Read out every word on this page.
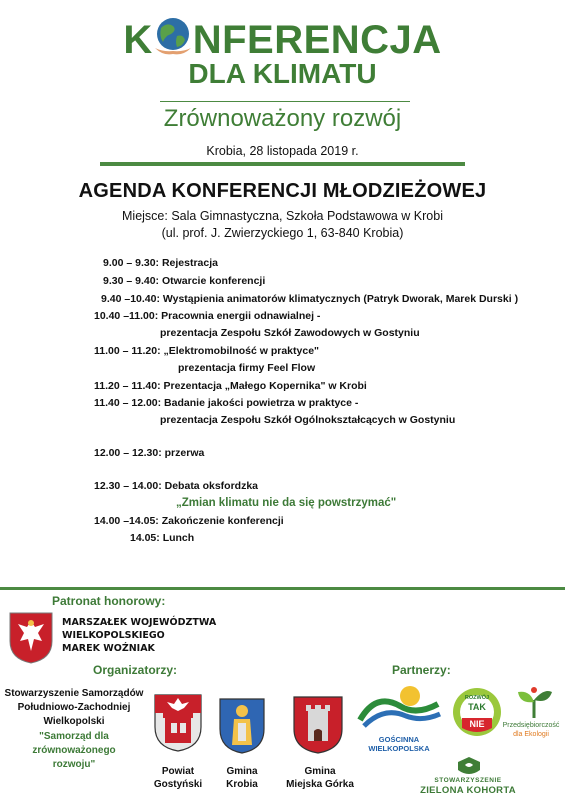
K NFERENCJA
DLA KLIMATU
Zrównoważony rozwój
Krobia, 28 listopada 2019 r.
AGENDA KONFERENCJI MŁODZIEŻOWEJ
Miejsce: Sala Gimnastyczna, Szkoła Podstawowa w Krobi
(ul. prof. J. Zwierzyckiego 1, 63-840 Krobia)
9.00 – 9.30: Rejestracja
9.30 – 9.40: Otwarcie konferencji
9.40 –10.40: Wystąpienia animatorów klimatycznych (Patryk Dworak, Marek Durski )
10.40 –11.00: Pracownia energii odnawialnej -
prezentacja Zespołu Szkół Zawodowych w Gostyniu
11.00 – 11.20: „Elektromobilność w praktyce"
prezentacja firmy Feel Flow
11.20 – 11.40: Prezentacja „Małego Kopernika" w Krobi
11.40 – 12.00: Badanie jakości powietrza w praktyce -
prezentacja Zespołu Szkół Ogólnokształcących w Gostyniu
12.00 – 12.30: przerwa
12.30 – 14.00: Debata oksfordzka
„Zmian klimatu nie da się powstrzymać"
14.00 –14.05: Zakończenie konferencji
14.05: Lunch
Patronat honorowy:
MARSZAŁEK WOJEWÓDZTWA
WIELKOPOLSKIEGO
MAREK WOŹNIAK
Organizatorzy:	Partnerzy:
Stowarzyszenie Samorządów
Południowo-Zachodniej
Wielkopolski
"Samorząd dla
zrównoważonego
rozwoju"
Powiat
Gostyński
Gmina
Krobia
Gmina
Miejska Górka
GOŚCINNA WIELKOPOLSKA
ROZWÓJ
TAK
NIE	Przedsiębiorczość
dla Ekologii
STOWARZYSZENIE
ZIELONA KOHORTA
